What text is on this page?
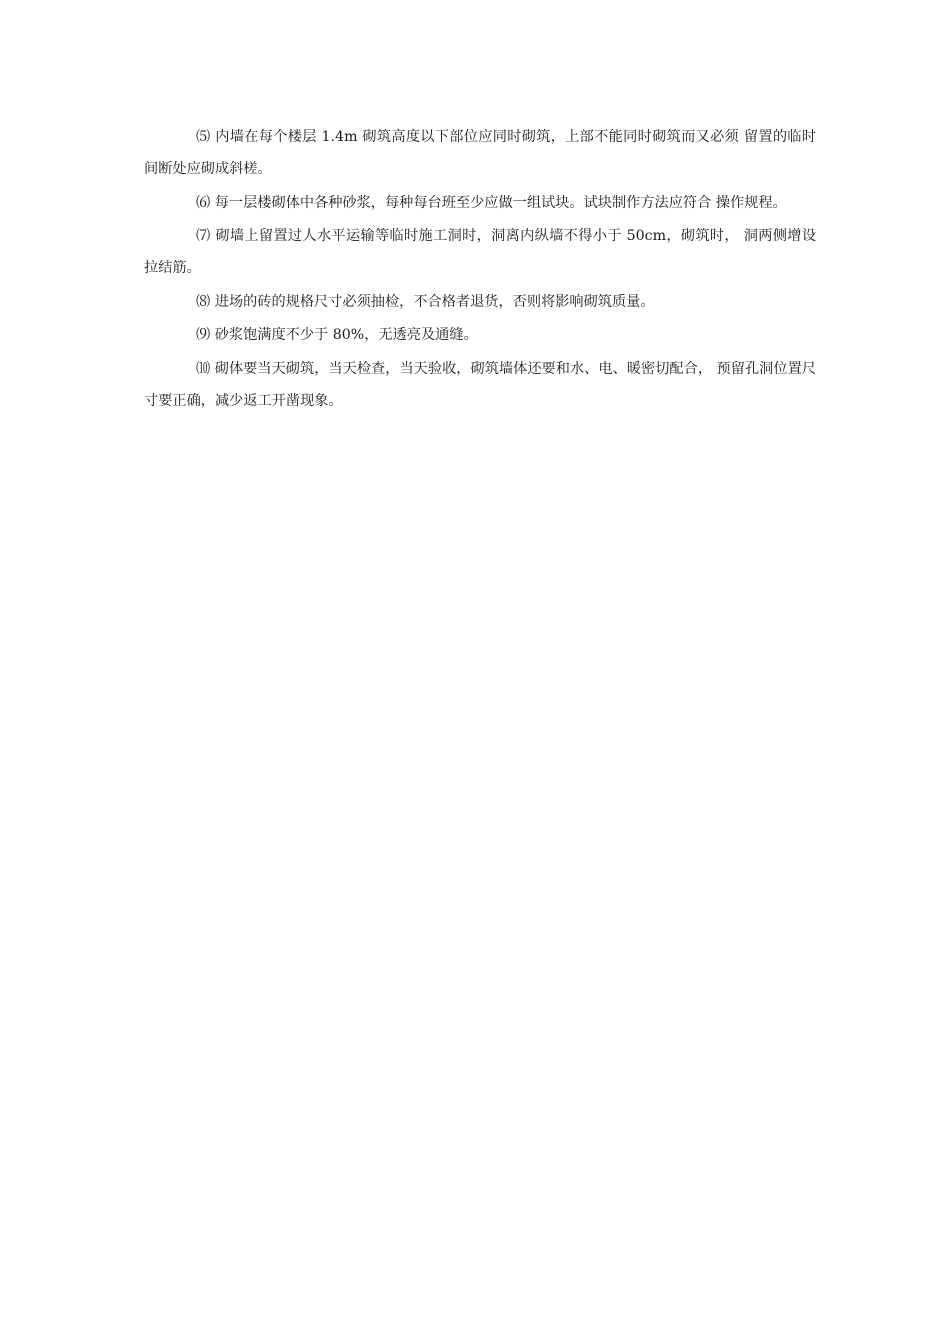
⑸ 内墙在每个楼层 1.4m 砌筑高度以下部位应同时砌筑，上部不能同时砌筑而又必须 留置的临时间断处应砌成斜槎。

⑹ 每一层楼砌体中各种砂浆，每种每台班至少应做一组试块。试块制作方法应符合 操作规程。

⑺ 砌墙上留置过人水平运输等临时施工洞时，洞离内纵墙不得小于 50cm，砌筑时， 洞两侧增设拉结筋。

⑻ 进场的砖的规格尺寸必须抽检，不合格者退货，否则将影响砌筑质量。

⑼ 砂浆饱满度不少于 80%，无透亮及通缝。

⑽ 砌体要当天砌筑，当天检查，当天验收，砌筑墙体还要和水、电、暖密切配合， 预留孔洞位置尺寸要正确，减少返工开凿现象。
